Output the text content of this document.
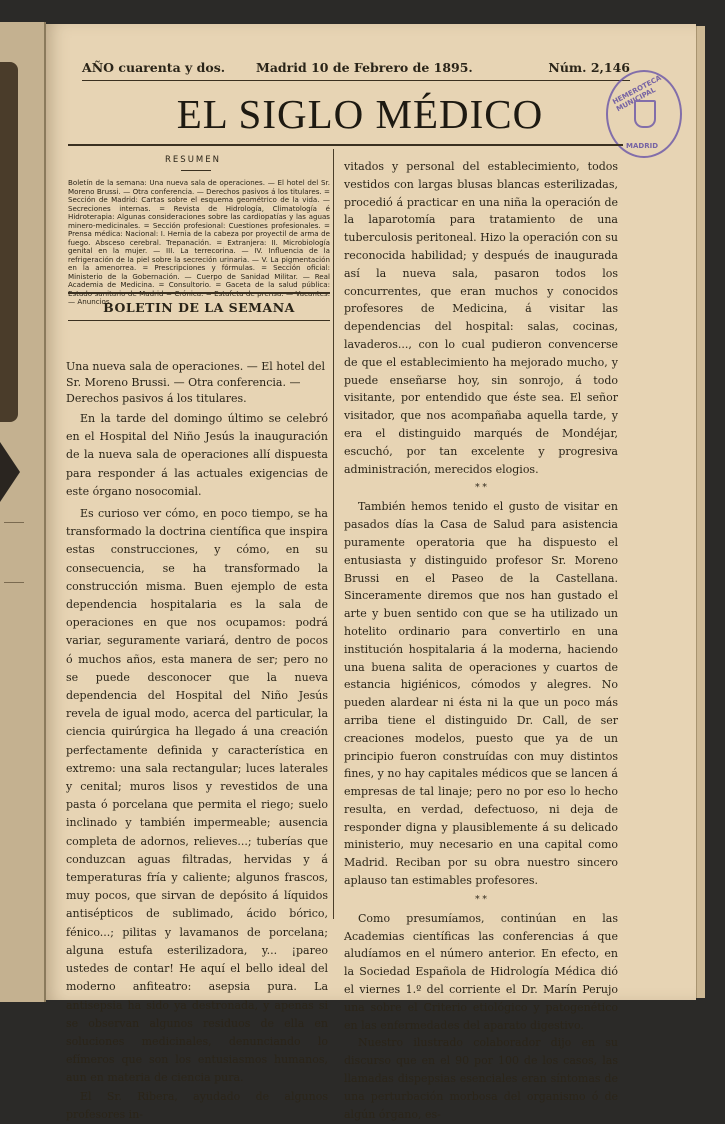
AÑO cuarenta y dos. Madrid 10 de Febrero de 1895.	Núm. 2,146
EL SIGLO MÉDICO
HEMEROTECA MUNICIPAL
MADRID
RESUMEN
Boletín de la semana: Una nueva sala de operaciones. — El hotel del Sr. Moreno Brussi. — Otra conferencia. — Derechos pasivos á los titulares. = Sección de Madrid: Cartas sobre el esquema geométrico de la vida. — Secreciones internas. = Revista de Hidrología, Climatología é Hidroterapia: Algunas consideraciones sobre las cardiopatías y las aguas minero-medicinales. = Sección profesional: Cuestiones profesionales. = Prensa médica: Nacional: I. Hernia de la cabeza por proyectil de arma de fuego. Absceso cerebral. Trepanación. = Extranjera: II. Microbiología genital en la mujer. — III. La terrecorina. — IV. Influencia de la refrigeración de la piel sobre la secreción urinaria. — V. La pigmentación en la amenorrea. = Prescripciones y fórmulas. = Sección oficial: Ministerio de la Gobernación. — Cuerpo de Sanidad Militar. — Real Academia de Medicina. = Consultorio. = Gaceta de la salud pública: — Anuncios.
BOLETIN DE LA SEMANA
Una nueva sala de operaciones. — El hotel del Sr. Moreno Brussi. — Otra conferencia. — Derechos pasivos á los titulares.

En la tarde del domingo último se celebró en el Hospital del Niño Jesús la inauguración de la nueva sala de operaciones allí dispuesta para responder á las actuales exigencias de este órgano nosocomial.

Es curioso ver cómo, en poco tiempo, se ha transformado la doctrina científica que inspira estas construcciones, y cómo, en su consecuencia, se ha transformado la construcción misma. Buen ejemplo de esta dependencia hospitalaria es la sala de operaciones en que nos ocupamos: podrá variar, seguramente variará, dentro de pocos ó muchos años, esta manera de ser; pero no se puede desconocer que la nueva dependencia del Hospital del Niño Jesús revela de igual modo, acerca del particular, la ciencia quirúrgica ha llegado á una creación perfectamente definida y característica en extremo: una sala rectangular; luces laterales y cenital; muros lisos y revestidos de una pasta ó porcelana que permita el riego; suelo inclinado y también impermeable; ausencia completa de adornos, relieves...; tuberías que conduzcan aguas filtradas, hervidas y á temperaturas fría y caliente; algunos frascos, muy pocos, que sirvan de depósito á líquidos antisépticos de sublimado, ácido bórico, fénico...; pilitas y lavamanos de porcelana; alguna estufa esterilizadora, y... ¡pareo ustedes de contar! He aquí el bello ideal del moderno anfiteatro: asepsia pura. La antisepsia ha sido ya destronada, y apenas si se observan algunos residuos de ella en soluciones medicinales, denunciando lo efímeros que son los entusiasmos humanos, aun en materia de ciencia pura.

El Sr. Ribera, ayudado de algunos profesores in-

vitados y personal del establecimiento, todos vestidos con largas blusas blancas esterilizadas, procedió á practicar en una niña la operación de la laparotomía para tratamiento de una tuberculosis peritoneal. Hizo la operación con su reconocida habilidad; y después de inaugurada así la nueva sala, pasaron todos los concurrentes, que eran muchos y conocidos profesores de Medicina, á visitar las dependencias del hospital: salas, cocinas, lavaderos..., con lo cual pudieron convencerse de que el establecimiento ha mejorado mucho, y puede enseñarse hoy, sin sonrojo, á todo visitante, por entendido que éste sea. El señor visitador, que nos acompañaba aquella tarde, y era el distinguido marqués de Mondéjar, escuchó, por tan excelente y progresiva administración, merecidos elogios.

* *

También hemos tenido el gusto de visitar en pasados días la Casa de Salud para asistencia puramente operatoria que ha dispuesto el entusiasta y distinguido profesor Sr. Moreno Brussi en el Paseo de la Castellana. Sinceramente diremos que nos han gustado el arte y buen sentido con que se ha utilizado un hotelito ordinario para convertirlo en una institución hospitalaria á la moderna, haciendo una buena salita de operaciones y cuartos de estancia higiénicos, cómodos y alegres. No pueden alardear ni ésta ni la que un poco más arriba tiene el distinguido Dr. Call, de ser creaciones modelos, puesto que ya de un principio fueron construídas con muy distintos fines, y no hay capitales médicos que se lancen á empresas de tal linaje; pero no por eso lo hecho resulta, en verdad, defectuoso, ni deja de responder digna y plausiblemente á su delicado ministerio, muy necesario en una capital como Madrid. Reciban por su obra nuestro sincero aplauso tan estimables profesores.

* *

Como presumíamos, continúan en las Academias científicas las conferencias á que aludíamos en el número anterior. En efecto, en la Sociedad Española de Hidrología Médica dió el viernes 1.º del corriente el Dr. Marín Perujo una sobre el Criterio etiológico y patogenético en las enfermedades del aparato digestivo.

Nuestro ilustrado colaborador dijo en su discurso que en el 90 por 100 de los casos, las llamadas dispepsias esenciales eran síntomas de una perturbación morbosa del organismo ó de algún órgano, es-
